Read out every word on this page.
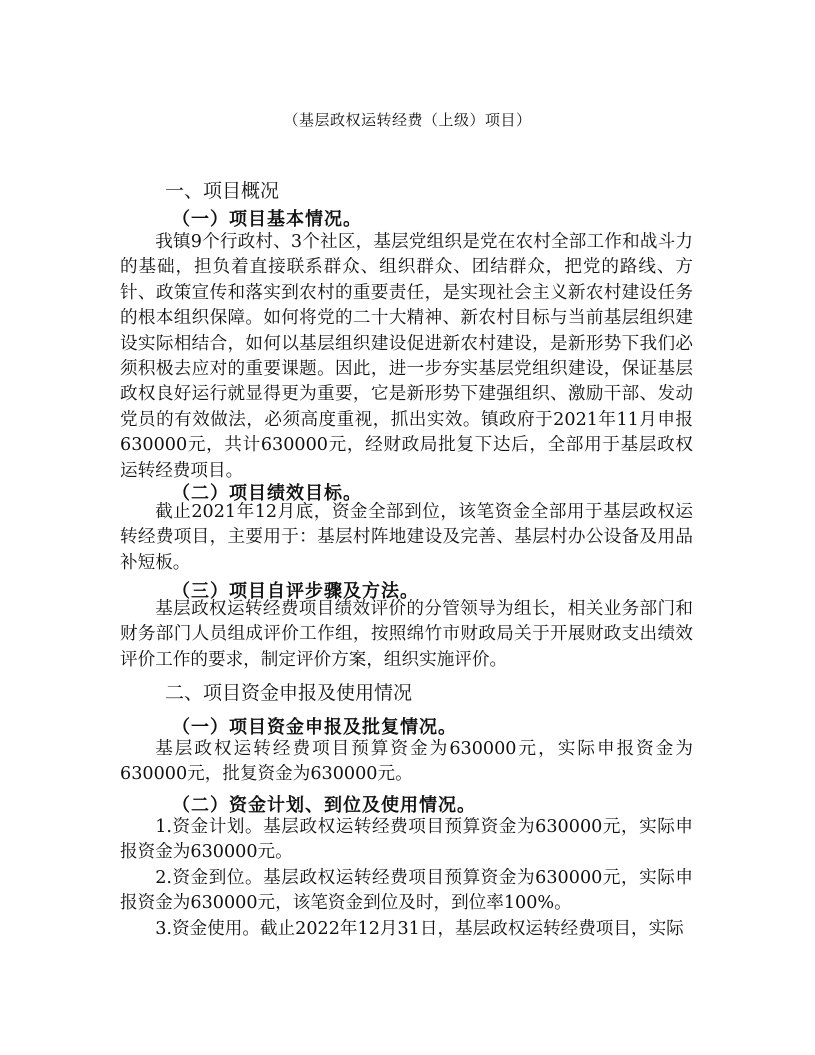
（基层政权运转经费（上级）项目）
一、项目概况
（一）项目基本情况。

我镇9个行政村、3个社区，基层党组织是党在农村全部工作和战斗力的基础，担负着直接联系群众、组织群众、团结群众，把党的路线、方针、政策宣传和落实到农村的重要责任，是实现社会主义新农村建设任务的根本组织保障。如何将党的二十大精神、新农村目标与当前基层组织建设实际相结合，如何以基层组织建设促进新农村建设，是新形势下我们必须积极去应对的重要课题。因此，进一步夯实基层党组织建设，保证基层政权良好运行就显得更为重要，它是新形势下建强组织、激励干部、发动党员的有效做法，必须高度重视，抓出实效。镇政府于2021年11月申报630000元，共计630000元，经财政局批复下达后，全部用于基层政权运转经费项目。

（二）项目绩效目标。

截止2021年12月底，资金全部到位，该笔资金全部用于基层政权运转经费项目，主要用于：基层村阵地建设及完善、基层村办公设备及用品补短板。

（三）项目自评步骤及方法。

基层政权运转经费项目绩效评价的分管领导为组长，相关业务部门和财务部门人员组成评价工作组，按照绵竹市财政局关于开展财政支出绩效评价工作的要求，制定评价方案，组织实施评价。

二、项目资金申报及使用情况
（一）项目资金申报及批复情况。

基层政权运转经费项目预算资金为630000元，实际申报资金为630000元，批复资金为630000元。

（二）资金计划、到位及使用情况。

1.资金计划。基层政权运转经费项目预算资金为630000元，实际申报资金为630000元。

2.资金到位。基层政权运转经费项目预算资金为630000元，实际申报资金为630000元，该笔资金到位及时，到位率100%。

3.资金使用。截止2022年12月31日，基层政权运转经费项目，实际
